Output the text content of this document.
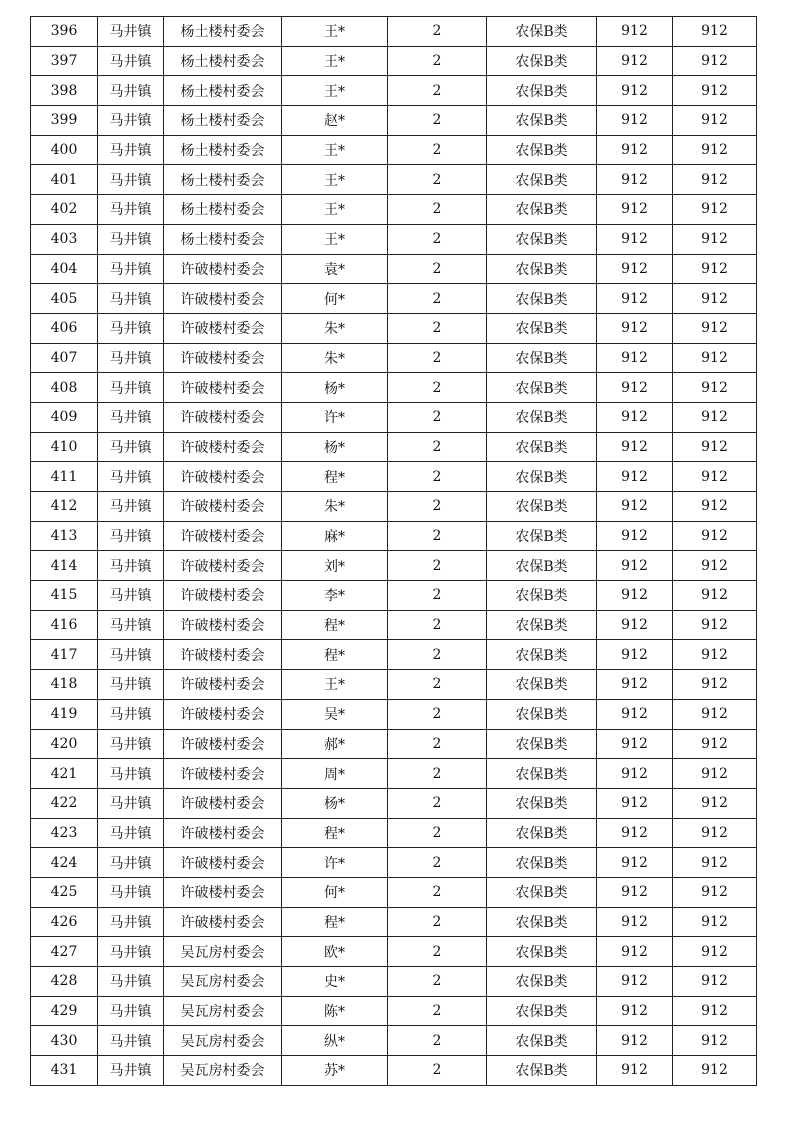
396	马井镇	杨土楼村委会	王*	2	农保B类	912	912
397	马井镇	杨土楼村委会	王*	2	农保B类	912	912
398	马井镇	杨土楼村委会	王*	2	农保B类	912	912
399	马井镇	杨土楼村委会	赵*	2	农保B类	912	912
400	马井镇	杨土楼村委会	王*	2	农保B类	912	912
401	马井镇	杨土楼村委会	王*	2	农保B类	912	912
402	马井镇	杨土楼村委会	王*	2	农保B类	912	912
403	马井镇	杨土楼村委会	王*	2	农保B类	912	912
404	马井镇	许破楼村委会	袁*	2	农保B类	912	912
405	马井镇	许破楼村委会	何*	2	农保B类	912	912
406	马井镇	许破楼村委会	朱*	2	农保B类	912	912
407	马井镇	许破楼村委会	朱*	2	农保B类	912	912
408	马井镇	许破楼村委会	杨*	2	农保B类	912	912
409	马井镇	许破楼村委会	许*	2	农保B类	912	912
410	马井镇	许破楼村委会	杨*	2	农保B类	912	912
411	马井镇	许破楼村委会	程*	2	农保B类	912	912
412	马井镇	许破楼村委会	朱*	2	农保B类	912	912
413	马井镇	许破楼村委会	麻*	2	农保B类	912	912
414	马井镇	许破楼村委会	刘*	2	农保B类	912	912
415	马井镇	许破楼村委会	李*	2	农保B类	912	912
416	马井镇	许破楼村委会	程*	2	农保B类	912	912
417	马井镇	许破楼村委会	程*	2	农保B类	912	912
418	马井镇	许破楼村委会	王*	2	农保B类	912	912
419	马井镇	许破楼村委会	吴*	2	农保B类	912	912
420	马井镇	许破楼村委会	郝*	2	农保B类	912	912
421	马井镇	许破楼村委会	周*	2	农保B类	912	912
422	马井镇	许破楼村委会	杨*	2	农保B类	912	912
423	马井镇	许破楼村委会	程*	2	农保B类	912	912
424	马井镇	许破楼村委会	许*	2	农保B类	912	912
425	马井镇	许破楼村委会	何*	2	农保B类	912	912
426	马井镇	许破楼村委会	程*	2	农保B类	912	912
427	马井镇	吴瓦房村委会	欧*	2	农保B类	912	912
428	马井镇	吴瓦房村委会	史*	2	农保B类	912	912
429	马井镇	吴瓦房村委会	陈*	2	农保B类	912	912
430	马井镇	吴瓦房村委会	纵*	2	农保B类	912	912
431	马井镇	吴瓦房村委会	苏*	2	农保B类	912	912
